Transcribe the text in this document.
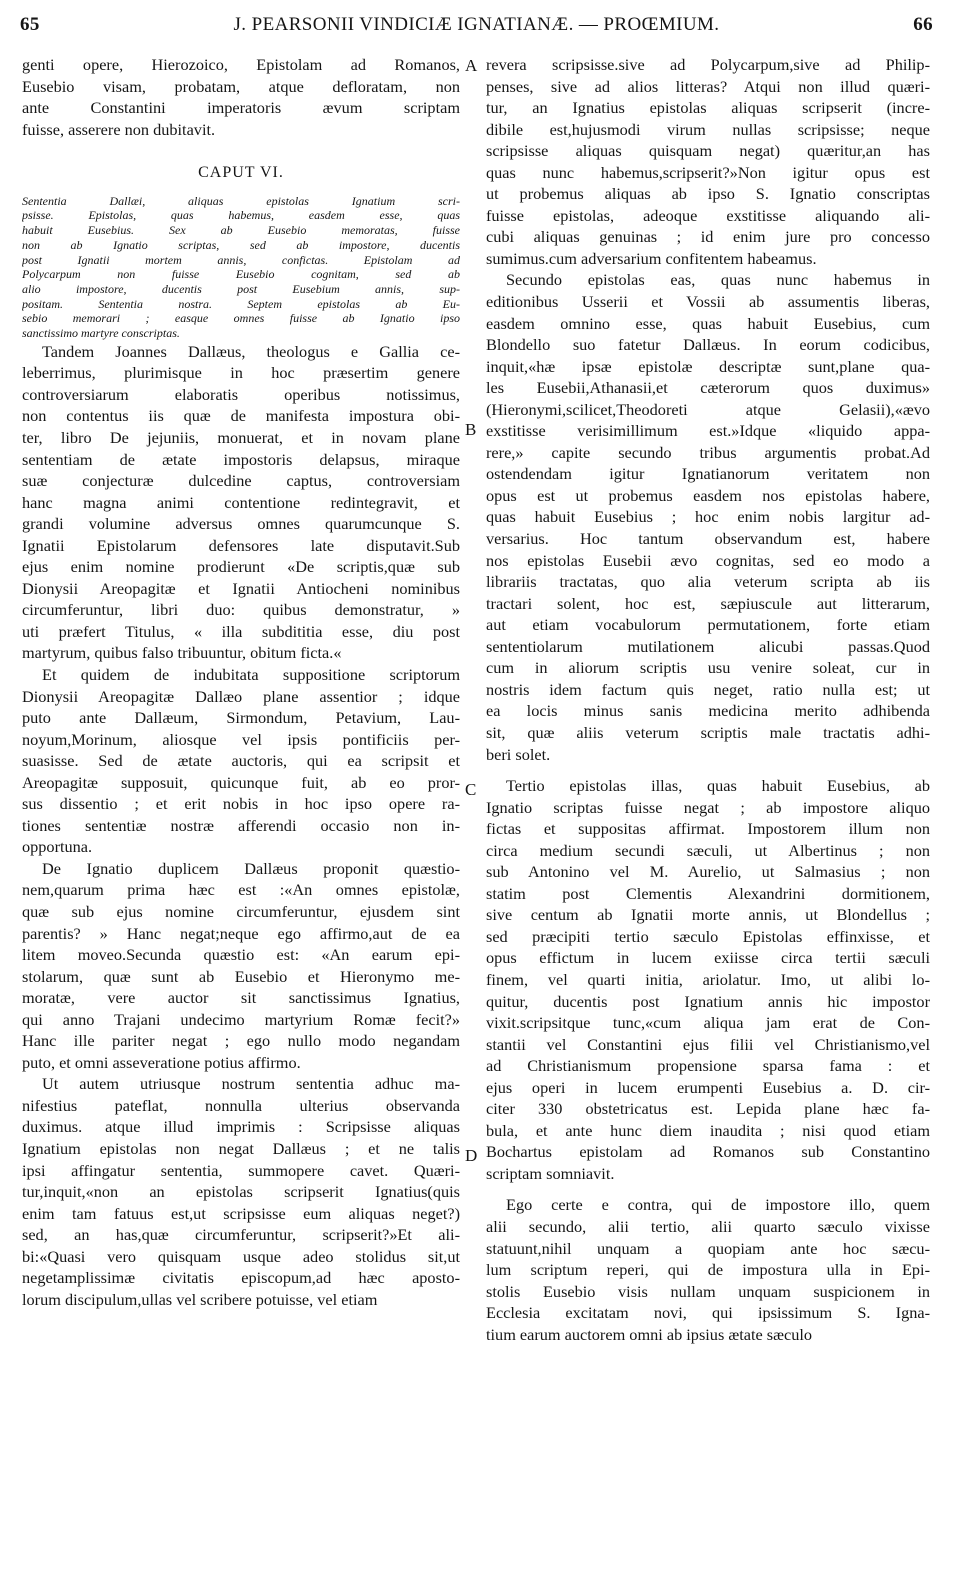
65	J. PEARSONII VINDICIÆ IGNATIANÆ. — PROŒMIUM.	66
A
B
C
D

genti opere, Hierozoico, Epistolam ad Romanos,
Eusebio visam, probatam, atque defloratam, non
ante Constantini imperatoris ævum scriptam
fuisse, asserere non dubitavit.

CAPUT VI.

Sententia Dallæi, aliquas epistolas Ignatium scri-
psisse. Epistolas, quas habemus, easdem esse, quas
habuit Eusebius. Sex ab Eusebio memoratas, fuisse
non ab Ignatio scriptas, sed ab impostore, ducentis
post Ignatii mortem annis, confictas. Epistolam ad
Polycarpum non fuisse Eusebio cognitam, sed ab
alio impostore, ducentis post Eusebium annis, sup-
positam. Sententia nostra. Septem epistolas ab Eu-
sebio memorari ; easque omnes fuisse ab Ignatio ipso
sanctissimo martyre conscriptas.

Tandem Joannes Dallæus, theologus e Gallia ce-
leberrimus, plurimisque in hoc præsertim genere
controversiarum elaboratis operibus notissimus,
non contentus iis quæ de manifesta impostura obi-
ter, libro De jejuniis, monuerat, et in novam plane
sententiam de ætate impostoris delapsus, miraque
suæ conjecturæ dulcedine captus, controversiam
hanc magna animi contentione redintegravit, et
grandi volumine adversus omnes quarumcunque S.
Ignatii Epistolarum defensores late disputavit.Sub
ejus enim nomine prodierunt «De scriptis,quæ sub
Dionysii Areopagitæ et Ignatii Antiocheni nominibus
circumferuntur, libri duo: quibus demonstratur, »
uti præfert Titulus, « illa subdititia esse, diu post
martyrum, quibus falso tribuuntur, obitum ficta.«

Et quidem de indubitata suppositione scriptorum
Dionysii Areopagitæ Dallæo plane assentior ; idque
puto ante Dallæum, Sirmondum, Petavium, Lau-
noyum,Morinum, aliosque vel ipsis pontificiis per-
suasisse. Sed de ætate auctoris, qui ea scripsit et
Areopagitæ supposuit, quicunque fuit, ab eo pror-
sus dissentio ; et erit nobis in hoc ipso opere ra-
tiones sententiæ nostræ afferendi occasio non in-
opportuna.

De Ignatio duplicem Dallæus proponit quæstio-
nem,quarum prima hæc est :«An omnes epistolæ,
quæ sub ejus nomine circumferuntur, ejusdem sint
parentis? » Hanc negat;neque ego affirmo,aut de ea
litem moveo.Secunda quæstio est: «An earum epi-
stolarum, quæ sunt ab Eusebio et Hieronymo me-
moratæ, vere auctor sit sanctissimus Ignatius,
qui anno Trajani undecimo martyrium Romæ fecit?»
Hanc ille pariter negat ; ego nullo modo negandam
puto, et omni asseveratione potius affirmo.

Ut autem utriusque nostrum sententia adhuc ma-
nifestius pateflat, nonnulla ulterius observanda
duximus. atque illud imprimis : Scripsisse aliquas
Ignatium epistolas non negat Dallæus ; et ne talis
ipsi affingatur sententia, summopere cavet. Quæri-
tur,inquit,«non an epistolas scripserit Ignatius(quis
enim tam fatuus est,ut scripsisse eum aliquas neget?)
sed, an has,quæ circumferuntur, scripserit?»Et ali-
bi:«Quasi vero quisquam usque adeo stolidus sit,ut
negetamplissimæ civitatis episcopum,ad hæc aposto-
lorum discipulum,ullas vel scribere potuisse, vel etiam

revera scripsisse.sive ad Polycarpum,sive ad Philip-
penses, sive ad alios litteras? Atqui non illud quæri-
tur, an Ignatius epistolas aliquas scripserit (incre-
dibile est,hujusmodi virum nullas scripsisse; neque
scripsisse aliquas quisquam negat) quæritur,an has
quas nunc habemus,scripserit?»Non igitur opus est
ut probemus aliquas ab ipso S. Ignatio conscriptas
fuisse epistolas, adeoque exstitisse aliquando ali-
cubi aliquas genuinas ; id enim jure pro concesso
sumimus.cum adversarium confitentem habeamus.

Secundo epistolas eas, quas nunc habemus in
editionibus Usserii et Vossii ab assumentis liberas,
easdem omnino esse, quas habuit Eusebius, cum
Blondello suo fatetur Dallæus. In eorum codicibus,
inquit,«hæ ipsæ epistolæ descriptæ sunt,plane qua-
les Eusebii,Athanasii,et cæterorum quos duximus»
(Hieronymi,scilicet,Theodoreti atque Gelasii),«ævo
exstitisse verisimillimum est.»Idque «liquido appa-
rere,» capite secundo tribus argumentis probat.Ad
ostendendam igitur Ignatianorum veritatem non
opus est ut probemus easdem nos epistolas habere,
quas habuit Eusebius ; hoc enim nobis largitur ad-
versarius. Hoc tantum observandum est, habere
nos epistolas Eusebii ævo cognitas, sed eo modo a
librariis tractatas, quo alia veterum scripta ab iis
tractari solent, hoc est, sæpiuscule aut litterarum,
aut etiam vocabulorum permutationem, forte etiam
sententiolarum mutilationem alicubi passas.Quod
cum in aliorum scriptis usu venire soleat, cur in
nostris idem factum quis neget, ratio nulla est; ut
ea locis minus sanis medicina merito adhibenda
sit, quæ aliis veterum scriptis male tractatis adhi-
beri solet.

Tertio epistolas illas, quas habuit Eusebius, ab
Ignatio scriptas fuisse negat ; ab impostore aliquo
fictas et suppositas affirmat. Impostorem illum non
circa medium secundi sæculi, ut Albertinus ; non
sub Antonino vel M. Aurelio, ut Salmasius ; non
statim post Clementis Alexandrini dormitionem,
sive centum ab Ignatii morte annis, ut Blondellus ;
sed præcipiti tertio sæculo Epistolas effinxisse, et
opus effictum in lucem exiisse circa tertii sæculi
finem, vel quarti initia, ariolatur. Imo, ut alibi lo-
quitur, ducentis post Ignatium annis hic impostor
vixit.scripsitque tunc,«cum aliqua jam erat de Con-
stantii vel Constantini ejus filii vel Christianismo,vel
ad Christianismum propensione sparsa fama : et
ejus operi in lucem erumpenti Eusebius a. D. cir-
citer 330 obstetricatus est. Lepida plane hæc fa-
bula, et ante hunc diem inaudita ; nisi quod etiam
Bochartus epistolam ad Romanos sub Constantino
scriptam somniavit.

Ego certe e contra, qui de impostore illo, quem
alii secundo, alii tertio, alii quarto sæculo vixisse
statuunt,nihil unquam a quopiam ante hoc sæcu-
lum scriptum reperi, qui de impostura ulla in Epi-
stolis Eusebio visis nullam unquam suspicionem in
Ecclesia excitatam novi, qui ipsissimum S. Igna-
tium earum auctorem omni ab ipsius ætate sæculo
